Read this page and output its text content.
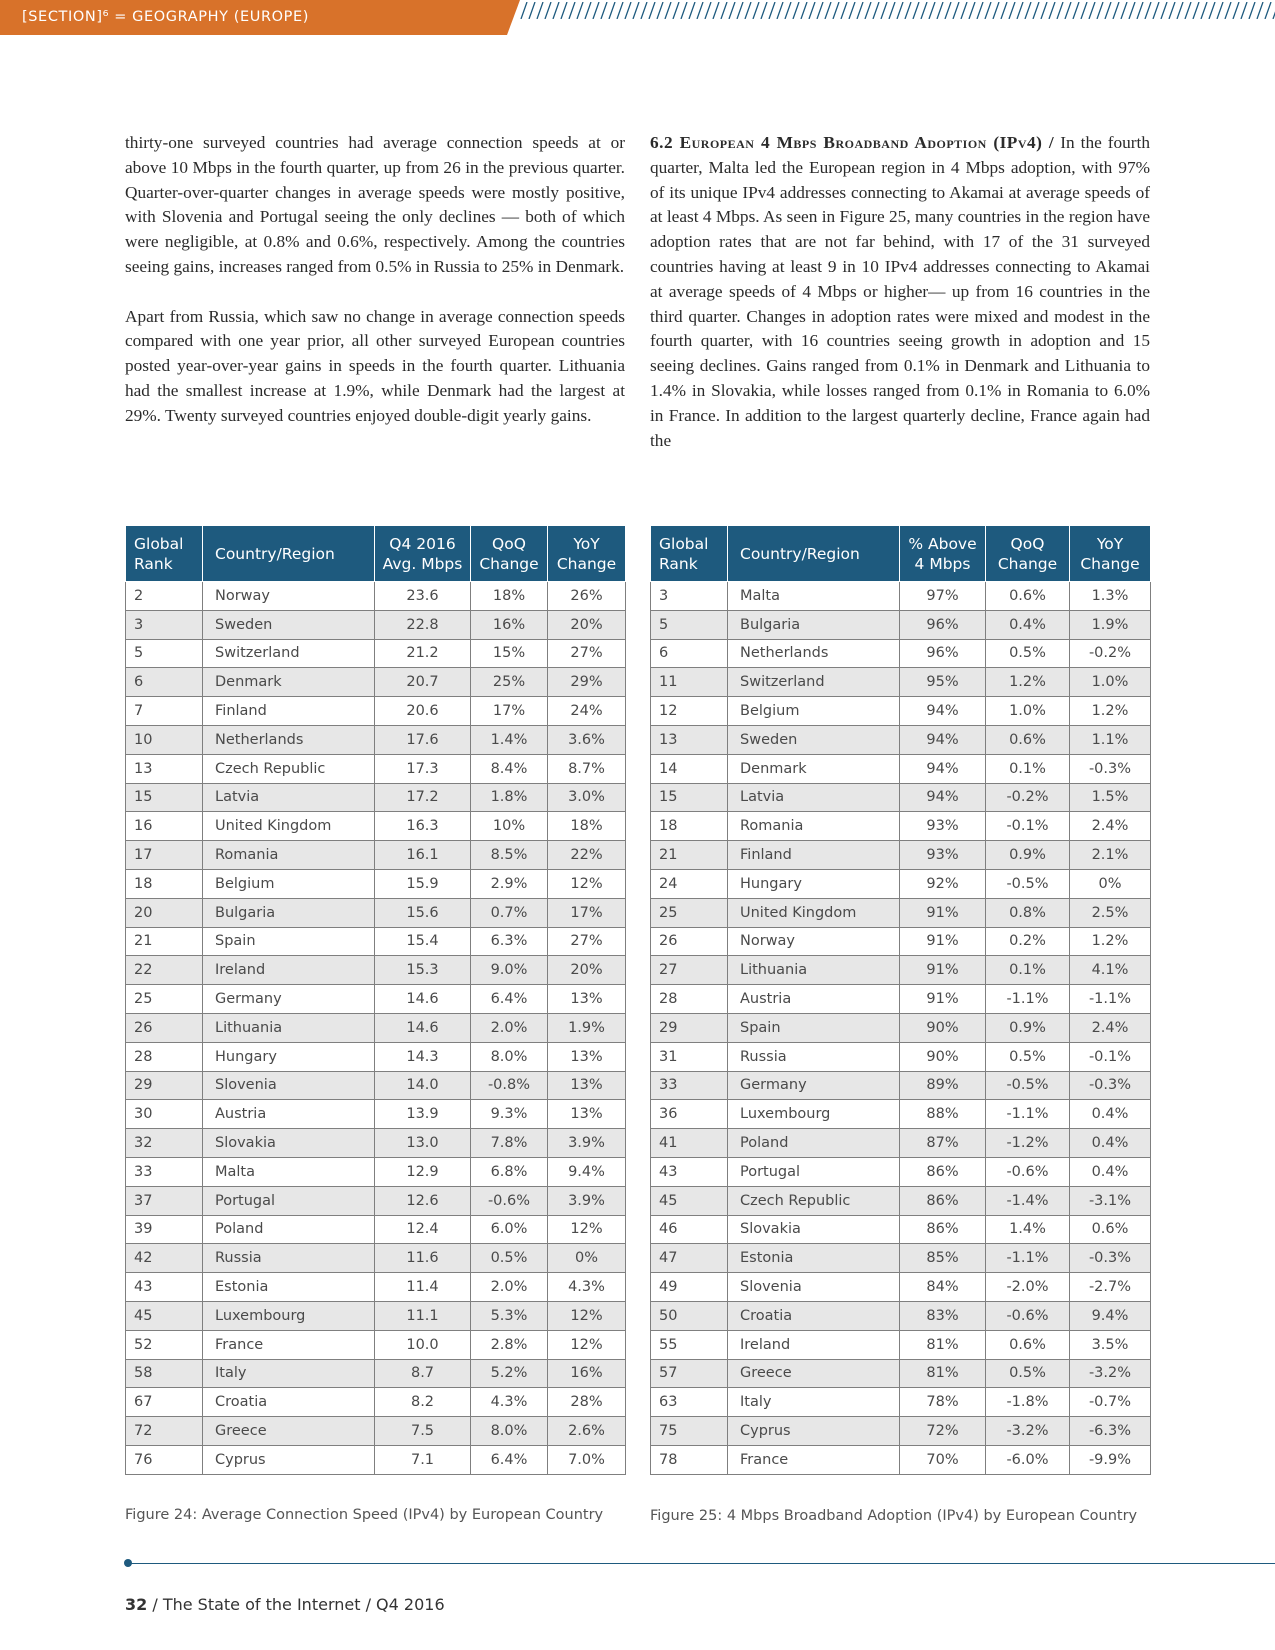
[SECTION]⁶ = GEOGRAPHY (EUROPE)

thirty-one surveyed countries had average connection speeds at or above 10 Mbps in the fourth quarter, up from 26 in the previous quarter. Quarter-over-quarter changes in average speeds were mostly positive, with Slovenia and Portugal seeing the only declines — both of which were negligible, at 0.8% and 0.6%, respectively. Among the countries seeing gains, increases ranged from 0.5% in Russia to 25% in Denmark.

Apart from Russia, which saw no change in average connection speeds compared with one year prior, all other surveyed European countries posted year-over-year gains in speeds in the fourth quarter. Lithuania had the smallest increase at 1.9%, while Denmark had the largest at 29%. Twenty surveyed countries enjoyed double-digit yearly gains.

6.2 European 4 Mbps Broadband Adoption (IPv4) / In the fourth quarter, Malta led the European region in 4 Mbps adoption, with 97% of its unique IPv4 addresses connecting to Akamai at average speeds of at least 4 Mbps. As seen in Figure 25, many countries in the region have adoption rates that are not far behind, with 17 of the 31 surveyed countries having at least 9 in 10 IPv4 addresses connecting to Akamai at average speeds of 4 Mbps or higher— up from 16 countries in the third quarter. Changes in adoption rates were mixed and modest in the fourth quarter, with 16 countries seeing growth in adoption and 15 seeing declines. Gains ranged from 0.1% in Denmark and Lithuania to 1.4% in Slovakia, while losses ranged from 0.1% in Romania to 6.0% in France. In addition to the largest quarterly decline, France again had the

Global Rank	Country/Region	Q4 2016 Avg. Mbps	QoQ Change	YoY Change
2	Norway	23.6	18%	26%
3	Sweden	22.8	16%	20%
5	Switzerland	21.2	15%	27%
6	Denmark	20.7	25%	29%
7	Finland	20.6	17%	24%
10	Netherlands	17.6	1.4%	3.6%
13	Czech Republic	17.3	8.4%	8.7%
15	Latvia	17.2	1.8%	3.0%
16	United Kingdom	16.3	10%	18%
17	Romania	16.1	8.5%	22%
18	Belgium	15.9	2.9%	12%
20	Bulgaria	15.6	0.7%	17%
21	Spain	15.4	6.3%	27%
22	Ireland	15.3	9.0%	20%
25	Germany	14.6	6.4%	13%
26	Lithuania	14.6	2.0%	1.9%
28	Hungary	14.3	8.0%	13%
29	Slovenia	14.0	-0.8%	13%
30	Austria	13.9	9.3%	13%
32	Slovakia	13.0	7.8%	3.9%
33	Malta	12.9	6.8%	9.4%
37	Portugal	12.6	-0.6%	3.9%
39	Poland	12.4	6.0%	12%
42	Russia	11.6	0.5%	0%
43	Estonia	11.4	2.0%	4.3%
45	Luxembourg	11.1	5.3%	12%
52	France	10.0	2.8%	12%
58	Italy	8.7	5.2%	16%
67	Croatia	8.2	4.3%	28%
72	Greece	7.5	8.0%	2.6%
76	Cyprus	7.1	6.4%	7.0%
Figure 24: Average Connection Speed (IPv4) by European Country
Global Rank	Country/Region	% Above 4 Mbps	QoQ Change	YoY Change
3	Malta	97%	0.6%	1.3%
5	Bulgaria	96%	0.4%	1.9%
6	Netherlands	96%	0.5%	-0.2%
11	Switzerland	95%	1.2%	1.0%
12	Belgium	94%	1.0%	1.2%
13	Sweden	94%	0.6%	1.1%
14	Denmark	94%	0.1%	-0.3%
15	Latvia	94%	-0.2%	1.5%
18	Romania	93%	-0.1%	2.4%
21	Finland	93%	0.9%	2.1%
24	Hungary	92%	-0.5%	0%
25	United Kingdom	91%	0.8%	2.5%
26	Norway	91%	0.2%	1.2%
27	Lithuania	91%	0.1%	4.1%
28	Austria	91%	-1.1%	-1.1%
29	Spain	90%	0.9%	2.4%
31	Russia	90%	0.5%	-0.1%
33	Germany	89%	-0.5%	-0.3%
36	Luxembourg	88%	-1.1%	0.4%
41	Poland	87%	-1.2%	0.4%
43	Portugal	86%	-0.6%	0.4%
45	Czech Republic	86%	-1.4%	-3.1%
46	Slovakia	86%	1.4%	0.6%
47	Estonia	85%	-1.1%	-0.3%
49	Slovenia	84%	-2.0%	-2.7%
50	Croatia	83%	-0.6%	9.4%
55	Ireland	81%	0.6%	3.5%
57	Greece	81%	0.5%	-3.2%
63	Italy	78%	-1.8%	-0.7%
75	Cyprus	72%	-3.2%	-6.3%
78	France	70%	-6.0%	-9.9%
Figure 25: 4 Mbps Broadband Adoption (IPv4) by European Country
32 / The State of the Internet / Q4 2016
